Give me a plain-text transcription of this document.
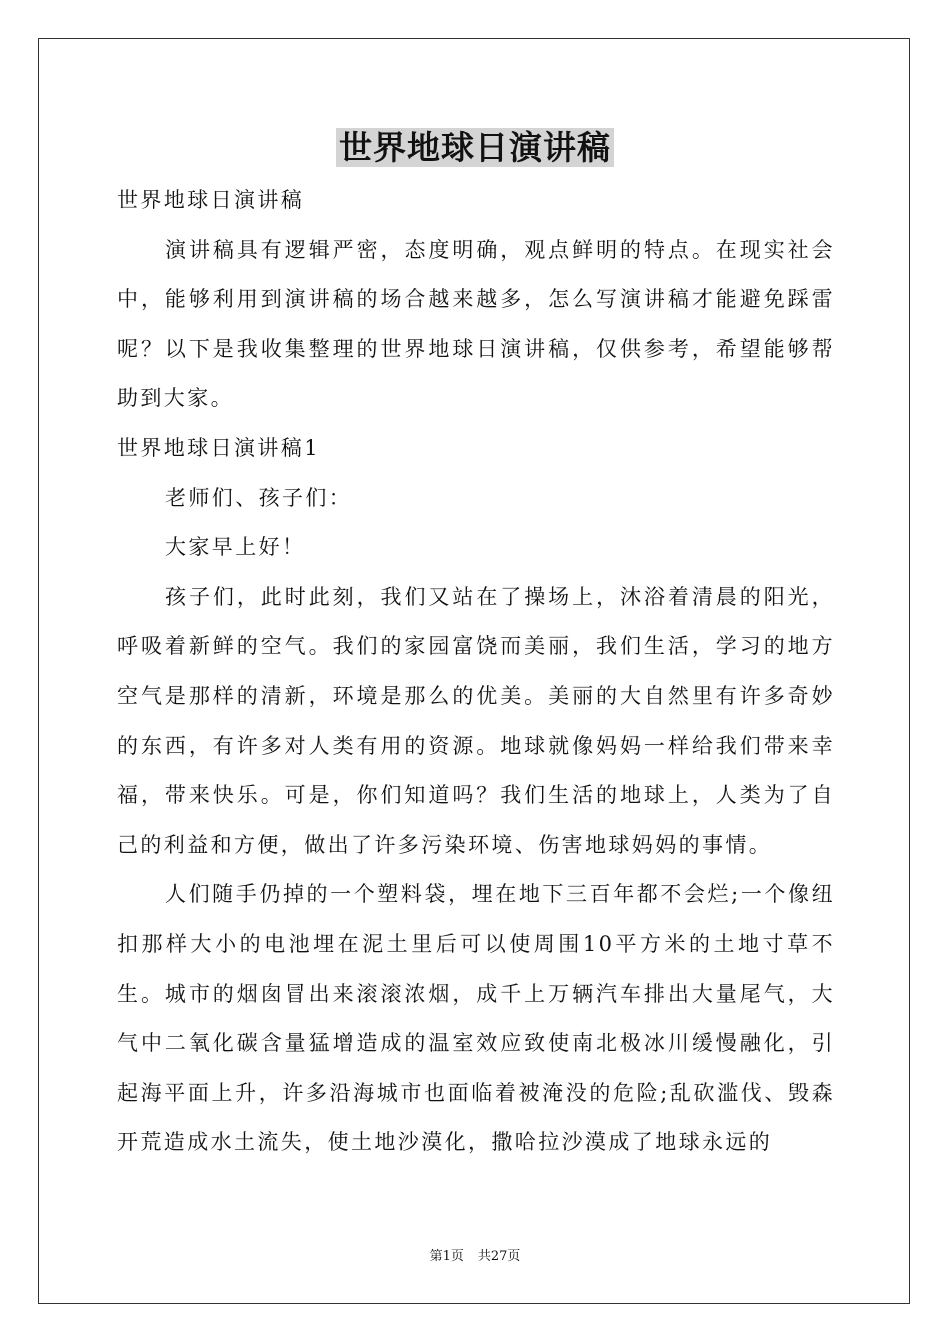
世界地球日演讲稿

世界地球日演讲稿

演讲稿具有逻辑严密，态度明确，观点鲜明的特点。在现实社会中，能够利用到演讲稿的场合越来越多，怎么写演讲稿才能避免踩雷呢？以下是我收集整理的世界地球日演讲稿，仅供参考，希望能够帮助到大家。

世界地球日演讲稿1

老师们、孩子们：

大家早上好！

孩子们，此时此刻，我们又站在了操场上，沐浴着清晨的阳光，呼吸着新鲜的空气。我们的家园富饶而美丽，我们生活，学习的地方空气是那样的清新，环境是那么的优美。美丽的大自然里有许多奇妙的东西，有许多对人类有用的资源。地球就像妈妈一样给我们带来幸福，带来快乐。可是，你们知道吗？我们生活的地球上，人类为了自己的利益和方便，做出了许多污染环境、伤害地球妈妈的事情。

人们随手仍掉的一个塑料袋，埋在地下三百年都不会烂;一个像纽扣那样大小的电池埋在泥土里后可以使周围10平方米的土地寸草不生。城市的烟囱冒出来滚滚浓烟，成千上万辆汽车排出大量尾气，大气中二氧化碳含量猛增造成的温室效应致使南北极冰川缓慢融化，引起海平面上升，许多沿海城市也面临着被淹没的危险;乱砍滥伐、毁森开荒造成水土流失，使土地沙漠化，撒哈拉沙漠成了地球永远的

第1页 共27页
